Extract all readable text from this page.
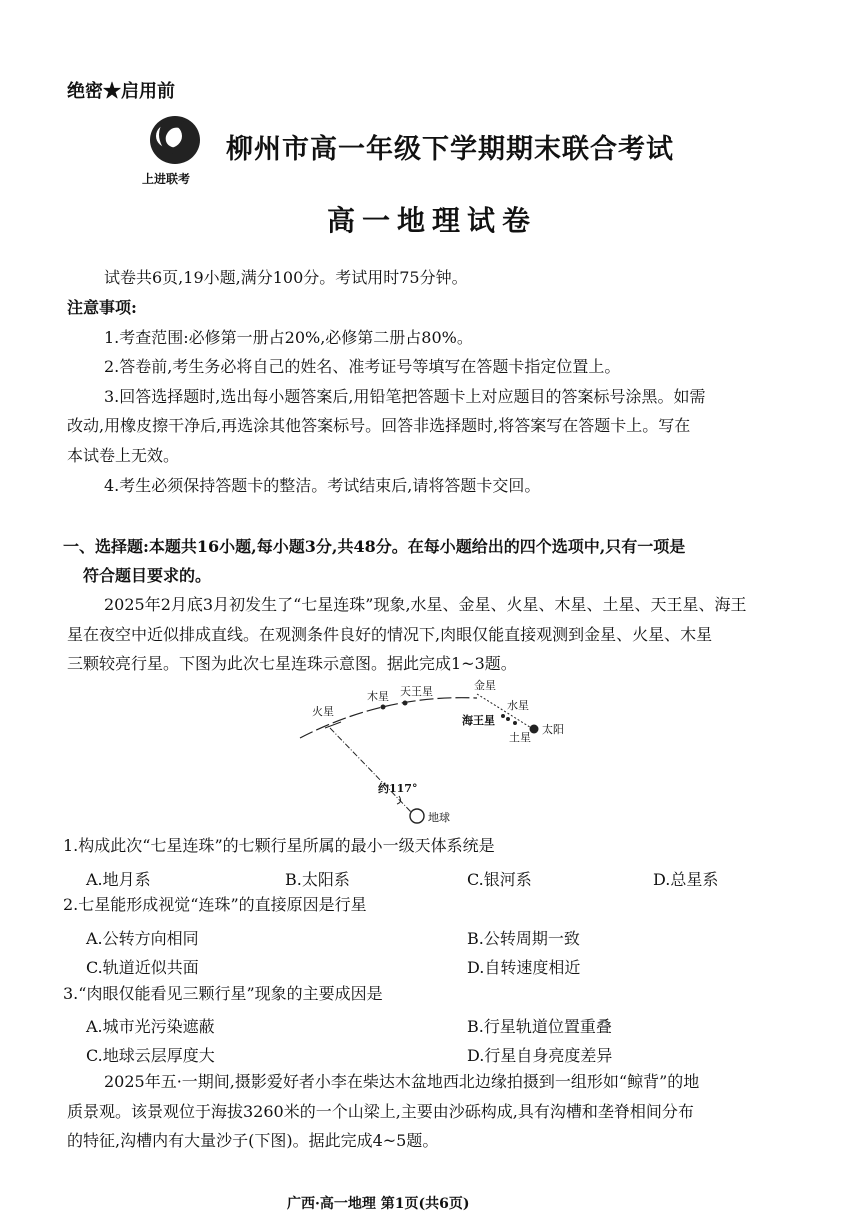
绝密★启用前
上进联考
柳州市高一年级下学期期末联合考试
高一地理试卷
试卷共6页,19小题,满分100分。考试用时75分钟。
注意事项:
1.考查范围:必修第一册占20%,必修第二册占80%。
2.答卷前,考生务必将自己的姓名、准考证号等填写在答题卡指定位置上。
3.回答选择题时,选出每小题答案后,用铅笔把答题卡上对应题目的答案标号涂黑。如需
改动,用橡皮擦干净后,再选涂其他答案标号。回答非选择题时,将答案写在答题卡上。写在
本试卷上无效。
4.考生必须保持答题卡的整洁。考试结束后,请将答题卡交回。
一、选择题:本题共16小题,每小题3分,共48分。在每小题给出的四个选项中,只有一项是
符合题目要求的。
2025年2月底3月初发生了“七星连珠”现象,水星、金星、火星、木星、土星、天王星、海王
星在夜空中近似排成直线。在观测条件良好的情况下,肉眼仅能直接观测到金星、火星、木星
三颗较亮行星。下图为此次七星连珠示意图。据此完成1~3题。
火星
木星 天王星	金星
水星
海王星
土星
太阳
约117°
地球
1.构成此次“七星连珠”的七颗行星所属的最小一级天体系统是
A.地月系	B.太阳系	C.银河系	D.总星系
2.七星能形成视觉“连珠”的直接原因是行星
A.公转方向相同	B.公转周期一致
C.轨道近似共面	D.自转速度相近
3.“肉眼仅能看见三颗行星”现象的主要成因是
A.城市光污染遮蔽	B.行星轨道位置重叠
C.地球云层厚度大	D.行星自身亮度差异
2025年五·一期间,摄影爱好者小李在柴达木盆地西北边缘拍摄到一组形如“鲸背”的地
质景观。该景观位于海拔3260米的一个山梁上,主要由沙砾构成,具有沟槽和垄脊相间分布
的特征,沟槽内有大量沙子(下图)。据此完成4~5题。
广西·高一地理 第1页(共6页)
